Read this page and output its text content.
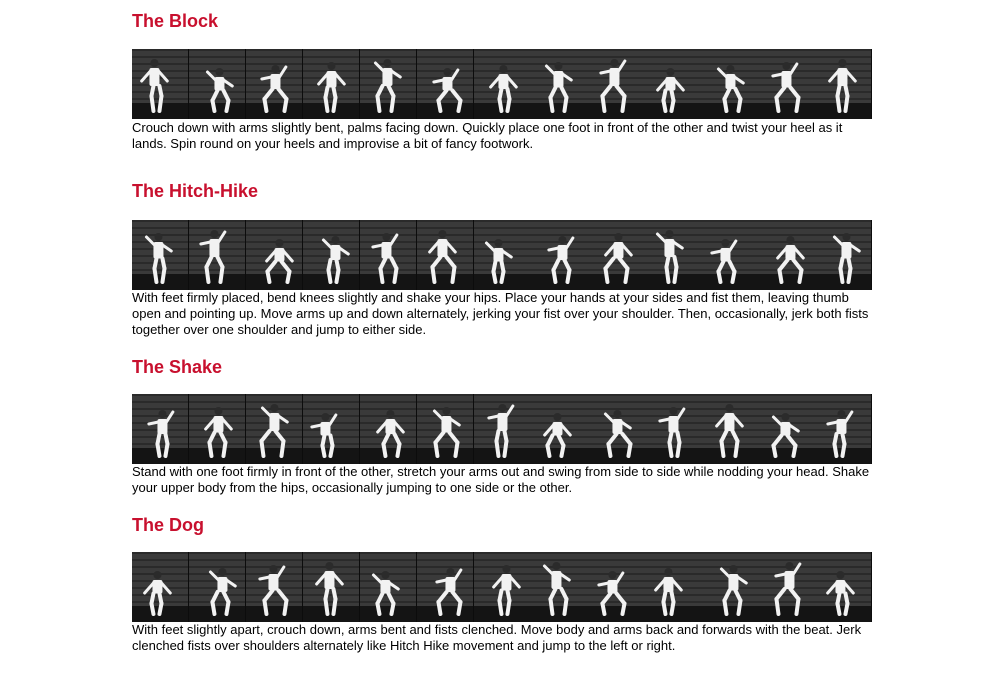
The Block

Crouch down with arms slightly bent, palms facing down. Quickly place one foot in front of the other and twist your heel as it lands. Spin round on your heels and improvise a bit of fancy footwork.

The Hitch-Hike

With feet firmly placed, bend knees slightly and shake your hips. Place your hands at your sides and fist them, leaving thumb open and pointing up. Move arms up and down alternately, jerking your fist over your shoulder. Then, occasionally, jerk both fists together over one shoulder and jump to either side.

The Shake

Stand with one foot firmly in front of the other, stretch your arms out and swing from side to side while nodding your head. Shake your upper body from the hips, occasionally jumping to one side or the other.

The Dog

With feet slightly apart, crouch down, arms bent and fists clenched. Move body and arms back and forwards with the beat. Jerk clenched fists over shoulders alternately like Hitch Hike movement and jump to the left or right.
